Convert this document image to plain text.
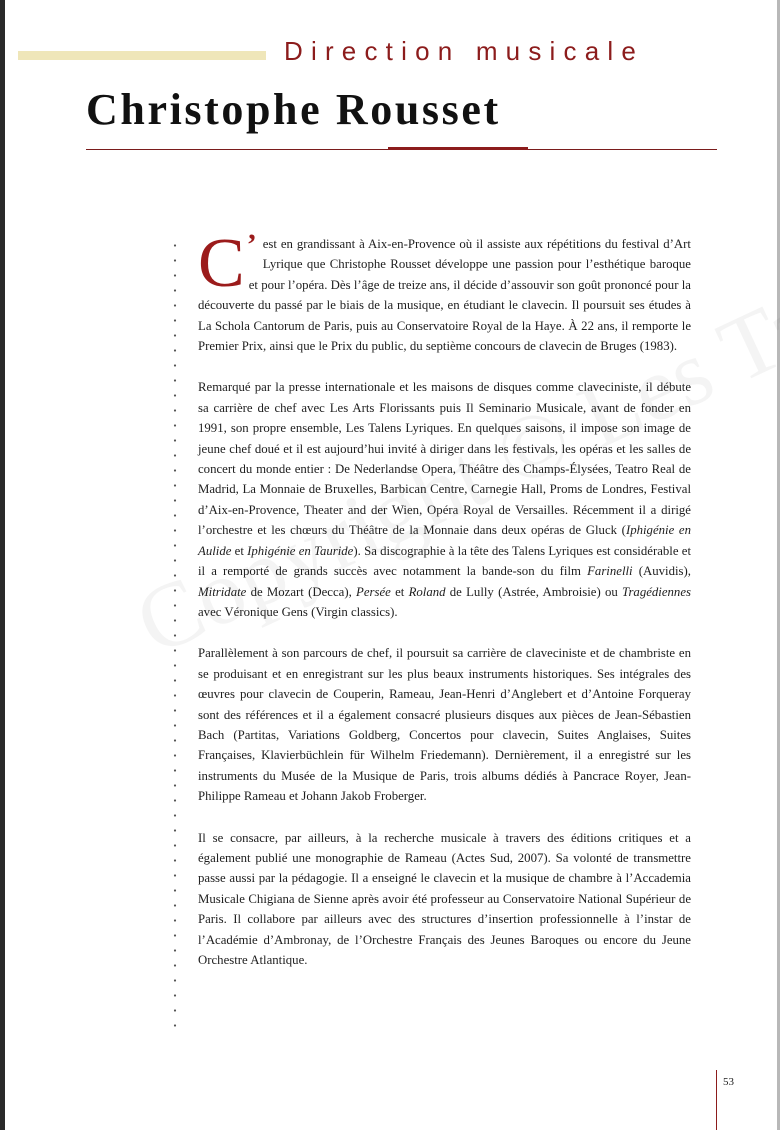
Direction musicale
Christophe Rousset

C ’ est en grandissant à Aix-en-Provence où il assiste aux répétitions du festival d’Art Lyrique que Christophe Rousset développe une passion pour l’esthétique baroque et pour l’opéra. Dès l’âge de treize ans, il décide d’assouvir son goût prononcé pour la découverte du passé par le biais de la musique, en étudiant le clavecin. Il poursuit ses études à La Schola Cantorum de Paris, puis au Conservatoire Royal de la Haye. À 22 ans, il remporte le Premier Prix, ainsi que le Prix du public, du septième concours de clavecin de Bruges (1983).

Remarqué par la presse internationale et les maisons de disques comme claveciniste, il débute sa carrière de chef avec Les Arts Florissants puis Il Seminario Musicale, avant de fonder en 1991, son propre ensemble, Les Talens Lyriques. En quelques saisons, il impose son image de jeune chef doué et il est aujourd’hui invité à diriger dans les festivals, les opéras et les salles de concert du monde entier : De Nederlandse Opera, Théâtre des Champs-Élysées, Teatro Real de Madrid, La Monnaie de Bruxelles, Barbican Centre, Carnegie Hall, Proms de Londres, Festival d’Aix-en-Provence, Theater and der Wien, Opéra Royal de Versailles. Récemment il a dirigé l’orchestre et les chœurs du Théâtre de la Monnaie dans deux opéras de Gluck (Iphigénie en Aulide et Iphigénie en Tauride). Sa discographie à la tête des Talens Lyriques est considérable et il a remporté de grands succès avec notamment la bande-son du film Farinelli (Auvidis), Mitridate de Mozart (Decca), Persée et Roland de Lully (Astrée, Ambroisie) ou Tragédiennes avec Véronique Gens (Virgin classics).

Parallèlement à son parcours de chef, il poursuit sa carrière de claveciniste et de chambriste en se produisant et en enregistrant sur les plus beaux instruments historiques. Ses intégrales des œuvres pour clavecin de Couperin, Rameau, Jean-Henri d’Anglebert et d’Antoine Forqueray sont des références et il a également consacré plusieurs disques aux pièces de Jean-Sébastien Bach (Partitas, Variations Goldberg, Concertos pour clavecin, Suites Anglaises, Suites Françaises, Klavierbüchlein für Wilhelm Friedemann). Dernièrement, il a enregistré sur les instruments du Musée de la Musique de Paris, trois albums dédiés à Pancrace Royer, Jean-Philippe Rameau et Johann Jakob Froberger.

Il se consacre, par ailleurs, à la recherche musicale à travers des éditions critiques et a également publié une monographie de Rameau (Actes Sud, 2007). Sa volonté de transmettre passe aussi par la pédagogie. Il a enseigné le clavecin et la musique de chambre à l’Accademia Musicale Chigiana de Sienne après avoir été professeur au Conservatoire National Supérieur de Paris. Il collabore par ailleurs avec des structures d’insertion professionnelle à l’instar de l’Académie d’Ambronay, de l’Orchestre Français des Jeunes Baroques ou encore du Jeune Orchestre Atlantique.

53
